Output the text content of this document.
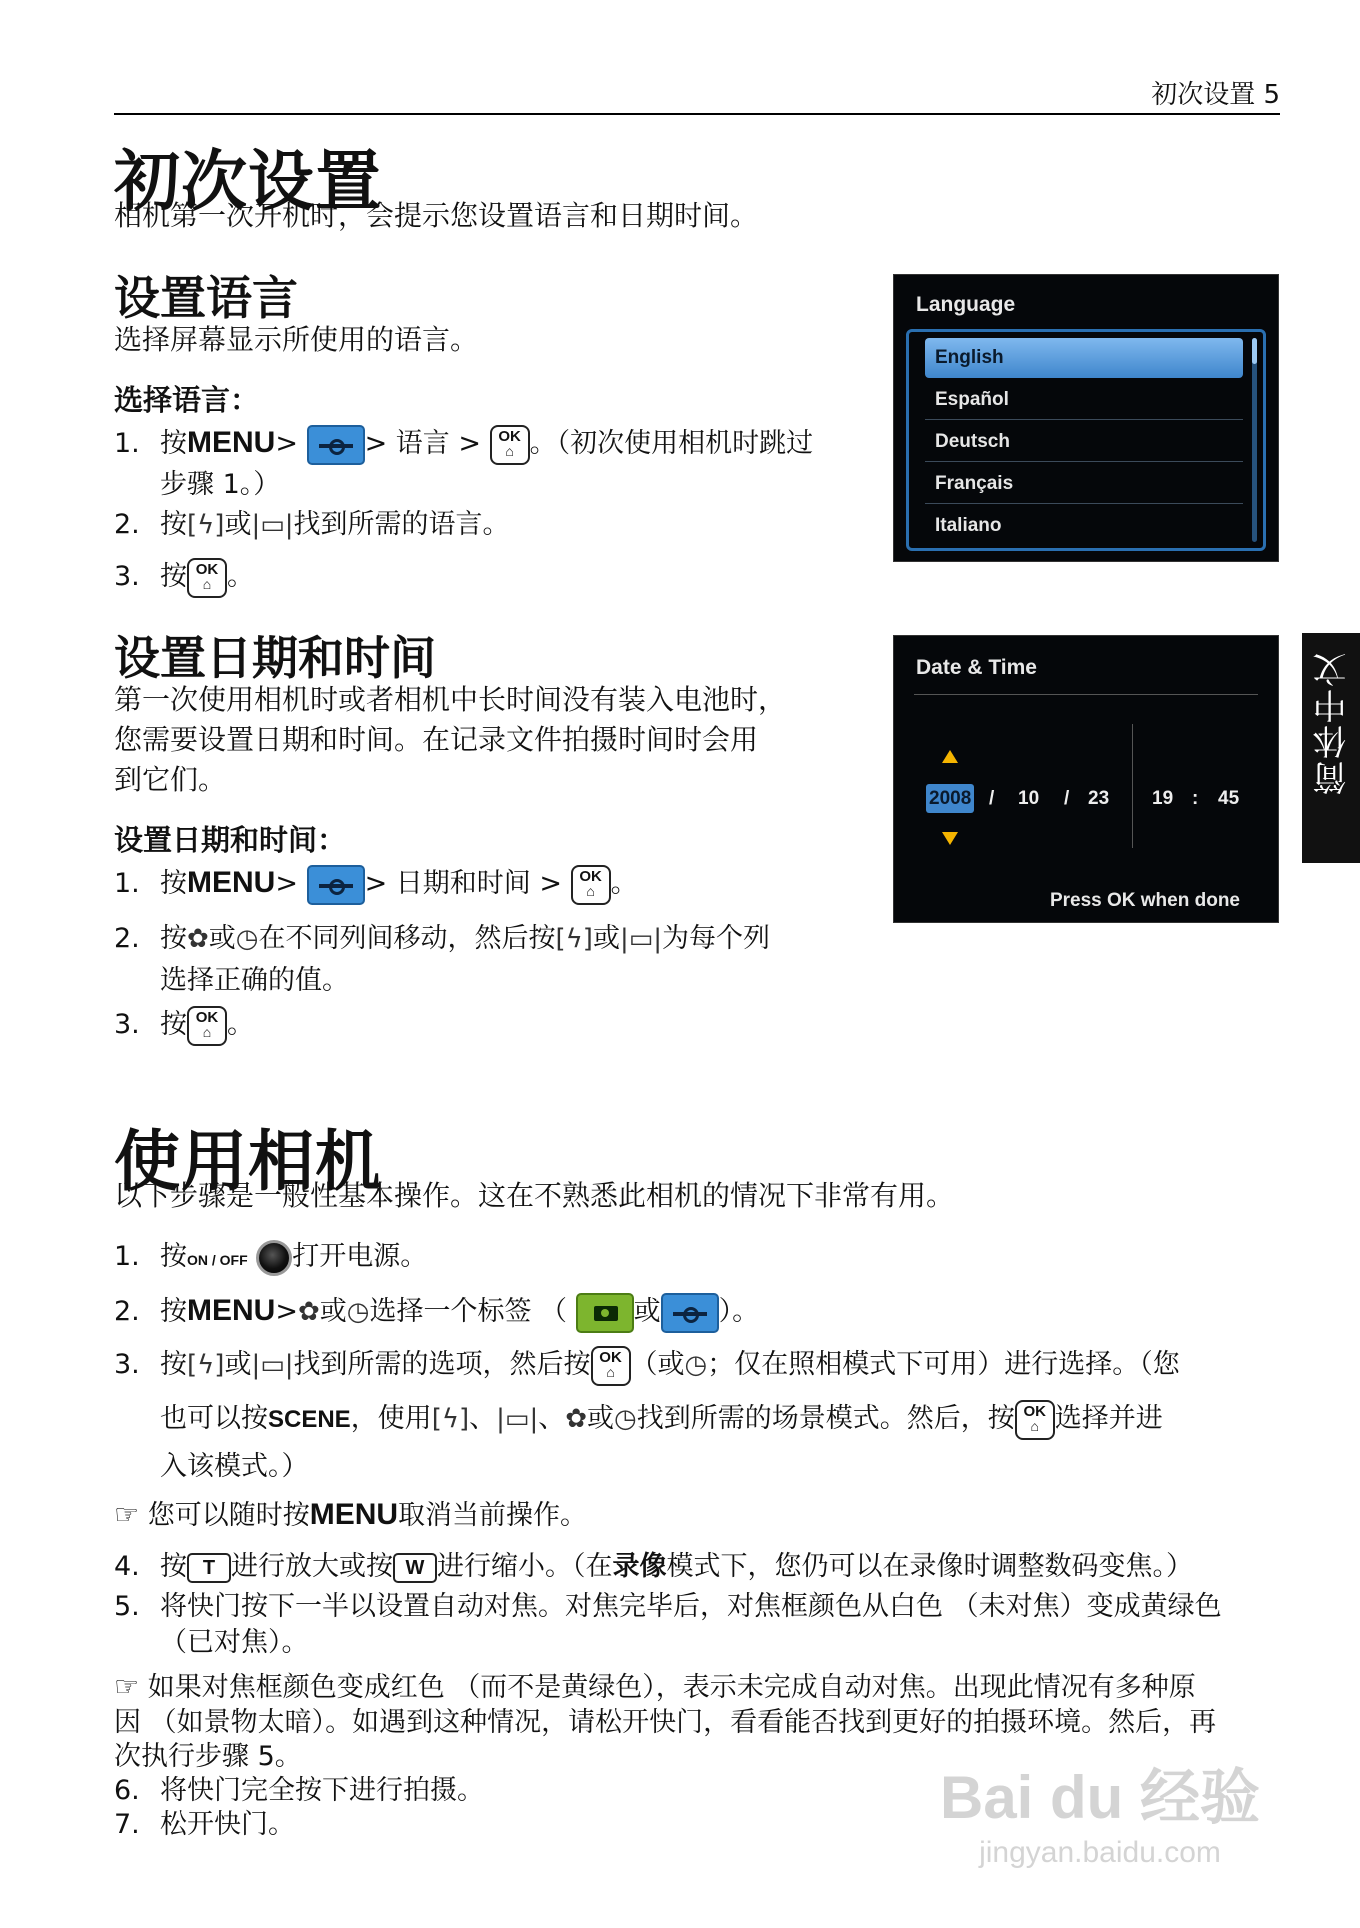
初次设置 5
初次设置
相机第一次开机时，会提示您设置语言和日期时间。
设置语言
选择屏幕显示所使用的语言。
选择语言：
1. 按MENU> > 语言 > OK
⌂ 。（初次使用相机时跳过
步骤 1。）
2. 按[ϟ]或|▭|找到所需的语言。
3. 按 OK
⌂ 。
Language
English
Español
Deutsch
Français
Italiano
设置日期和时间
第一次使用相机时或者相机中长时间没有装入电池时，
您需要设置日期和时间。在记录文件拍摄时间时会用
到它们。
设置日期和时间：
1. 按MENU> > 日期和时间 > OK
⌂ 。
2. 按✿或◷在不同列间移动，然后按[ϟ]或|▭|为每个列
选择正确的值。
3. 按 OK
⌂ 。
Date & Time
2008 / 10 / 23 19 : 45
Press OK when done
简体中文
使用相机
以下步骤是一般性基本操作。这在不熟悉此相机的情况下非常有用。
1. 按ON / OFF 打开电源。
2. 按MENU>✿或◷选择一个标签 （ 或 ）。
3. 按[ϟ]或|▭|找到所需的选项，然后按 OK
⌂ （或◷；仅在照相模式下可用）进行选择。（您
也可以按SCENE，使用[ϟ]、|▭|、✿或◷找到所需的场景模式。然后，按 OK
⌂ 选择并进
入该模式。）
☞ 您可以随时按MENU取消当前操作。
4. 按 T 进行放大或按 W 进行缩小。（在录像模式下，您仍可以在录像时调整数码变焦。）
5. 将快门按下一半以设置自动对焦。对焦完毕后，对焦框颜色从白色 （未对焦）变成黄绿色
（已对焦）。
☞ 如果对焦框颜色变成红色 （而不是黄绿色），表示未完成自动对焦。出现此情况有多种原
因 （如景物太暗）。如遇到这种情况，请松开快门，看看能否找到更好的拍摄环境。然后，再
次执行步骤 5。
6. 将快门完全按下进行拍摄。
7. 松开快门。	Bai du 经验
jingyan.baidu.com
